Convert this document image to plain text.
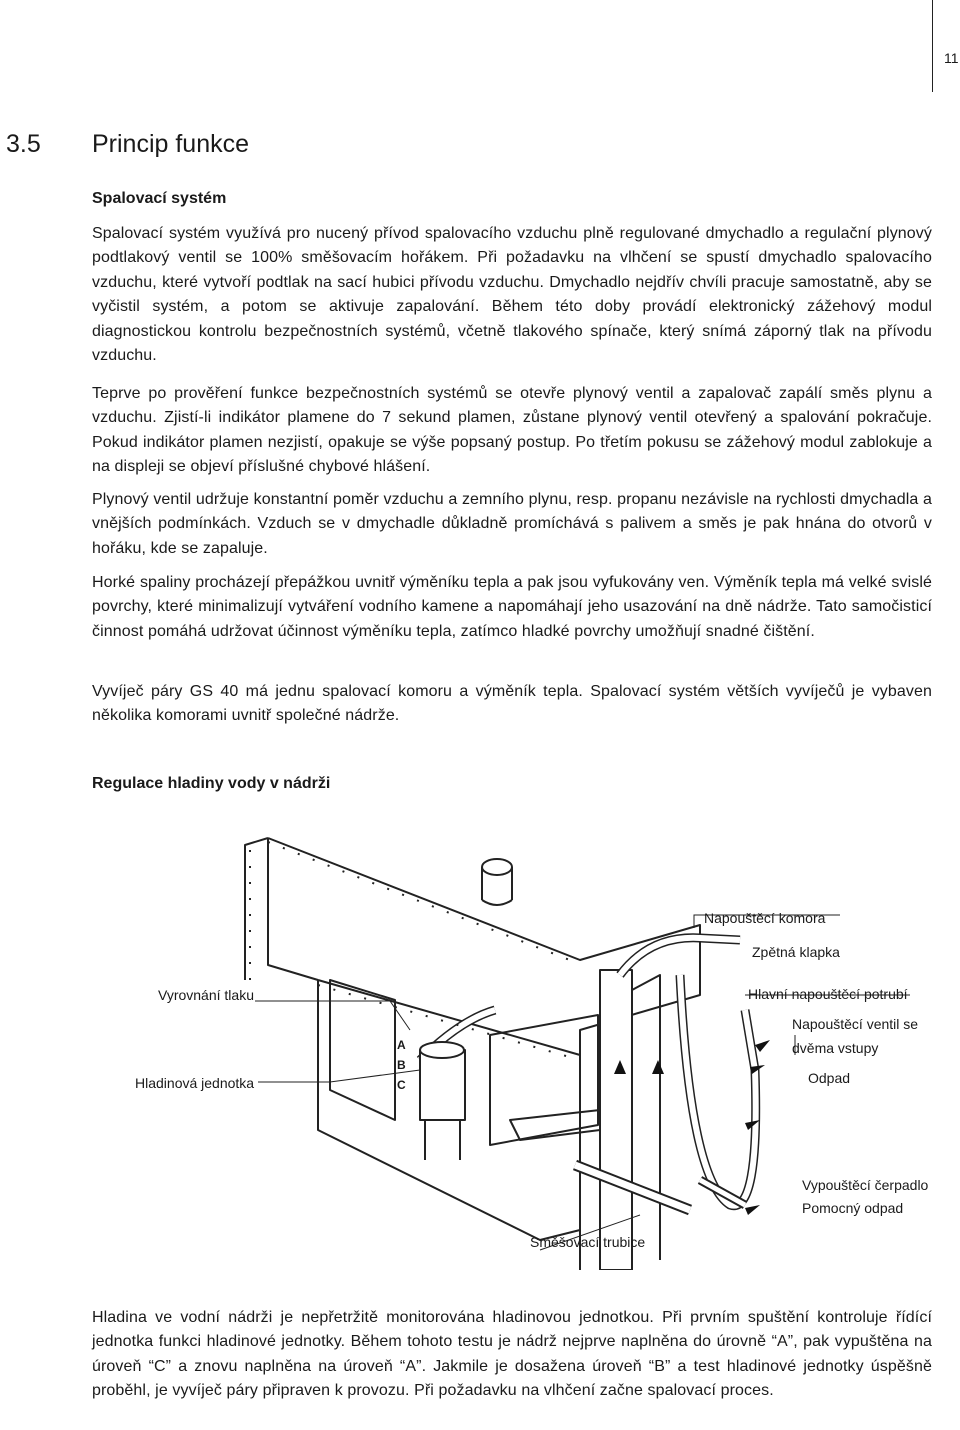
11
3.5 Princip funkce
Spalovací systém
Spalovací systém využívá pro nucený přívod spalovacího vzduchu plně regulované dmychadlo a regulační plynový podtlakový ventil se 100% směšovacím hořákem. Při požadavku na vlhčení se spustí dmychadlo spalovacího vzduchu, které vytvoří podtlak na sací hubici přívodu vzduchu. Dmychadlo nejdřív chvíli pracuje samostatně, aby se vyčistil systém, a potom se aktivuje zapalování. Během této doby provádí elektronický zážehový modul diagnostickou kontrolu bezpečnostních systémů, včetně tlakového spínače, který snímá záporný tlak na přívodu vzduchu.
Teprve po prověření funkce bezpečnostních systémů se otevře plynový ventil a zapalovač zapálí směs plynu a vzduchu. Zjistí-li indikátor plamene do 7 sekund plamen, zůstane plynový ventil otevřený a spalování pokračuje. Pokud indikátor plamen nezjistí, opakuje se výše popsaný postup. Po třetím pokusu se zážehový modul zablokuje a na displeji se objeví příslušné chybové hlášení.
Plynový ventil udržuje konstantní poměr vzduchu a zemního plynu, resp. propanu nezávisle na rychlosti dmychadla a vnějších podmínkách. Vzduch se v dmychadle důkladně promíchává s palivem a směs je pak hnána do otvorů v hořáku, kde se zapaluje.
Horké spaliny procházejí přepážkou uvnitř výměníku tepla a pak jsou vyfukovány ven. Výměník tepla má velké svislé povrchy, které minimalizují vytváření vodního kamene a napomáhají jeho usazování na dně nádrže. Tato samočisticí činnost pomáhá udržovat účinnost výměníku tepla, zatímco hladké povrchy umožňují snadné čištění.
Vyvíječ páry GS 40 má jednu spalovací komoru a výměník tepla. Spalovací systém větších vyvíječů je vybaven několika komorami uvnitř společné nádrže.
Regulace hladiny vody v nádrži
Napouštěcí komora
Zpětná klapka
Vyrovnání tlaku	Hlavní napouštěcí potrubí
Napouštěcí ventil se dvěma vstupy
Hladinová jednotka	Odpad
Vypouštěcí čerpadlo
Pomocný odpad
Směšovací trubice
A
B
C
Hladina ve vodní nádrži je nepřetržitě monitorována hladinovou jednotkou. Při prvním spuštění kontroluje řídící jednotka funkci hladinové jednotky. Během tohoto testu je nádrž nejprve naplněna do úrovně “A”, pak vypuštěna na úroveň “C” a znovu naplněna na úroveň “A”. Jakmile je dosažena úroveň “B” a test hladinové jednotky úspěšně proběhl, je vyvíječ páry připraven k provozu. Při požadavku na vlhčení začne spalovací proces.
